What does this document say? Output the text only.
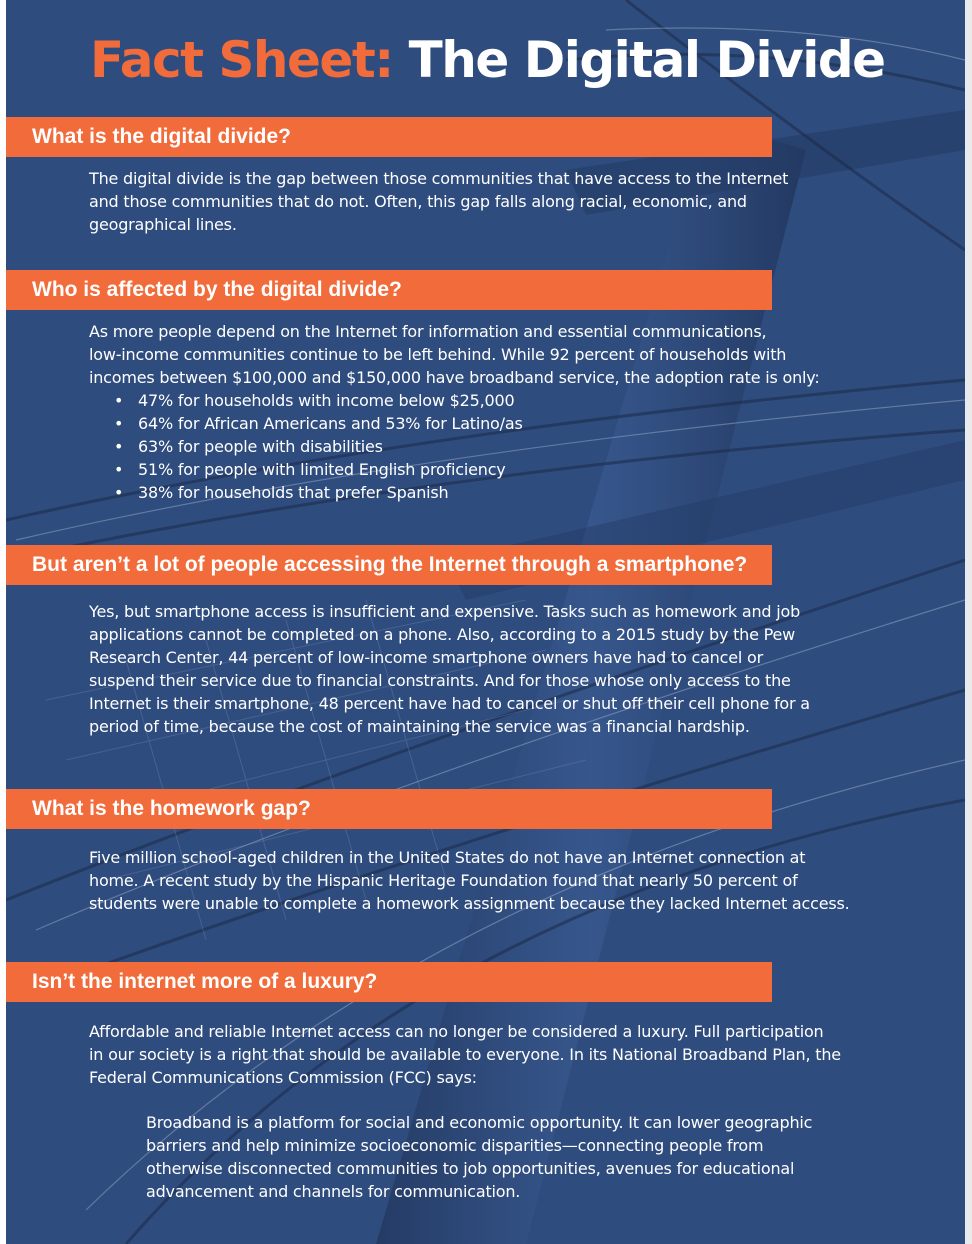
Fact Sheet: The Digital Divide
What is the digital divide?

The digital divide is the gap between those communities that have access to the Internet
and those communities that do not. Often, this gap falls along racial, economic, and
geographical lines.

Who is affected by the digital divide?

As more people depend on the Internet for information and essential communications,
low-income communities continue to be left behind. While 92 percent of households with
incomes between $100,000 and $150,000 have broadband service, the adoption rate is only:

• 47% for households with income below $25,000
• 64% for African Americans and 53% for Latino/as
• 63% for people with disabilities
• 51% for people with limited English proficiency
• 38% for households that prefer Spanish
But aren’t a lot of people accessing the Internet through a smartphone?

Yes, but smartphone access is insufficient and expensive. Tasks such as homework and job
applications cannot be completed on a phone. Also, according to a 2015 study by the Pew
Research Center, 44 percent of low-income smartphone owners have had to cancel or
suspend their service due to financial constraints. And for those whose only access to the
Internet is their smartphone, 48 percent have had to cancel or shut off their cell phone for a
period of time, because the cost of maintaining the service was a financial hardship.

What is the homework gap?

Five million school-aged children in the United States do not have an Internet connection at
home. A recent study by the Hispanic Heritage Foundation found that nearly 50 percent of
students were unable to complete a homework assignment because they lacked Internet access.

Isn’t the internet more of a luxury?

Affordable and reliable Internet access can no longer be considered a luxury. Full participation
in our society is a right that should be available to everyone. In its National Broadband Plan, the
Federal Communications Commission (FCC) says:

Broadband is a platform for social and economic opportunity. It can lower geographic
barriers and help minimize socioeconomic disparities—connecting people from
otherwise disconnected communities to job opportunities, avenues for educational
advancement and channels for communication.
